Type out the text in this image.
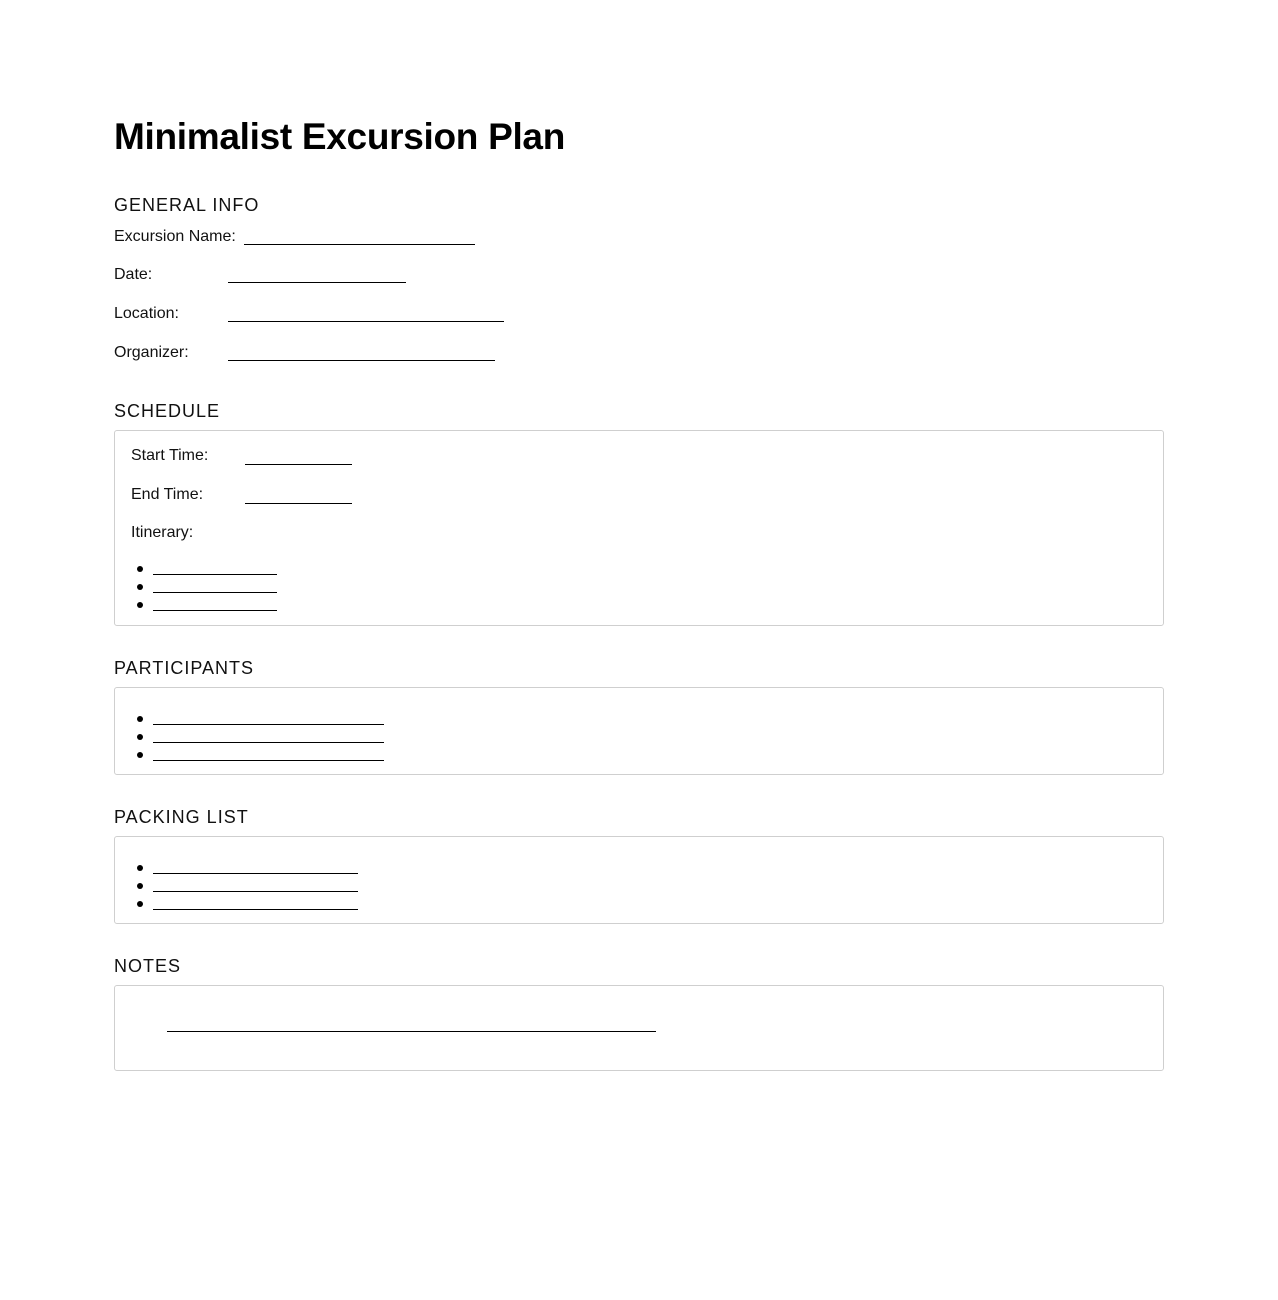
Minimalist Excursion Plan
GENERAL INFO
Excursion Name:
Date:
Location:
Organizer:
SCHEDULE
Start Time:
End Time:
Itinerary:
PARTICIPANTS
PACKING LIST
NOTES
